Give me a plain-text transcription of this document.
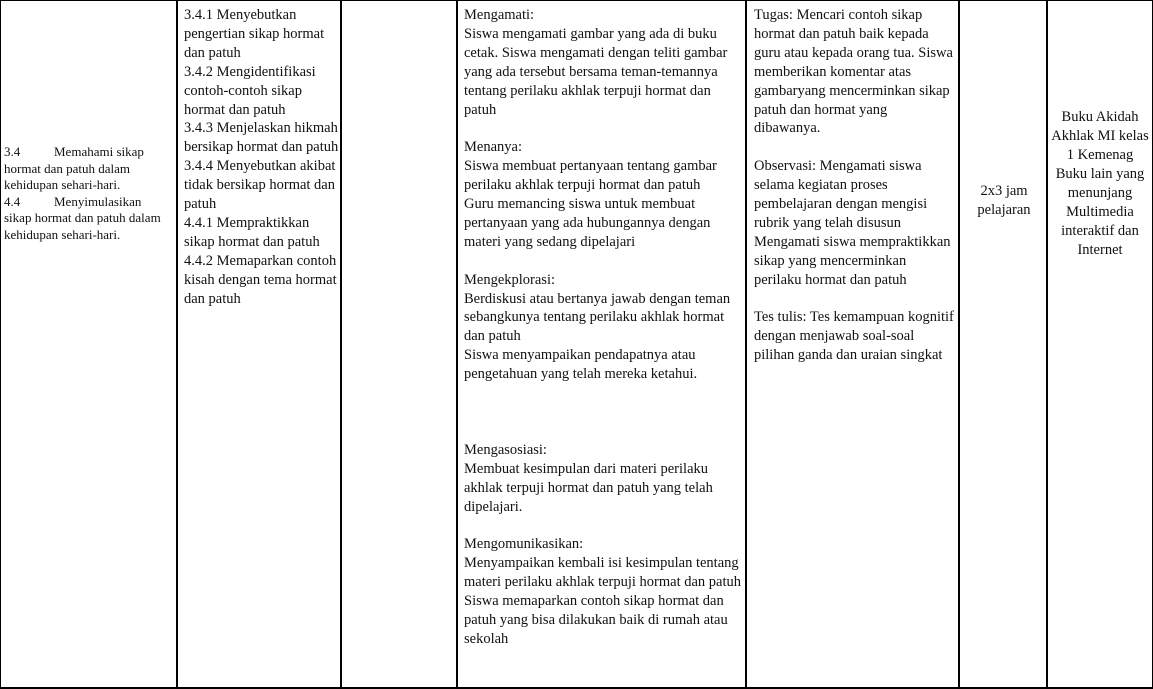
3.4	Memahami sikap hormat dan patuh dalam kehidupan sehari-hari.

4.4	Menyimulasikan sikap hormat dan patuh dalam kehidupan sehari-hari.

3.4.1 Menyebutkan pengertian sikap hormat dan patuh

3.4.2 Mengidentifikasi contoh-contoh sikap hormat dan patuh

3.4.3 Menjelaskan hikmah bersikap hormat dan patuh

3.4.4 Menyebutkan akibat tidak bersikap hormat dan patuh

4.4.1 Mempraktikkan sikap hormat dan patuh

4.4.2 Memaparkan contoh kisah dengan tema hormat dan patuh

Mengamati:
Siswa mengamati gambar yang ada di buku cetak. Siswa mengamati dengan teliti gambar yang ada tersebut bersama teman-temannya tentang perilaku akhlak terpuji hormat dan patuh
Menanya:
Siswa membuat pertanyaan tentang gambar perilaku akhlak terpuji hormat dan patuh
Guru memancing siswa untuk membuat pertanyaan yang ada hubungannya dengan materi yang sedang dipelajari
Mengekplorasi:
Berdiskusi atau bertanya jawab dengan teman sebangkunya tentang perilaku akhlak hormat dan patuh
Siswa menyampaikan pendapatnya atau pengetahuan yang telah mereka ketahui.
Mengasosiasi:
Membuat kesimpulan dari materi perilaku akhlak terpuji hormat dan patuh yang telah dipelajari.
Mengomunikasikan:
Menyampaikan kembali isi kesimpulan tentang materi perilaku akhlak terpuji hormat dan patuh
Siswa memaparkan contoh sikap hormat dan patuh yang bisa dilakukan baik di rumah atau sekolah

Tugas: Mencari contoh sikap hormat dan patuh baik kepada guru atau kepada orang tua. Siswa memberikan komentar atas gambaryang mencerminkan sikap patuh dan hormat yang dibawanya.

Observasi: Mengamati siswa selama kegiatan proses pembelajaran dengan mengisi rubrik yang telah disusun Mengamati siswa mempraktikkan sikap yang mencerminkan perilaku hormat dan patuh

Tes tulis: Tes kemampuan kognitif dengan menjawab soal-soal pilihan ganda dan uraian singkat

2x3 jam pelajaran
Buku Akidah Akhlak MI kelas 1 Kemenag Buku lain yang menunjang Multimedia interaktif dan Internet
